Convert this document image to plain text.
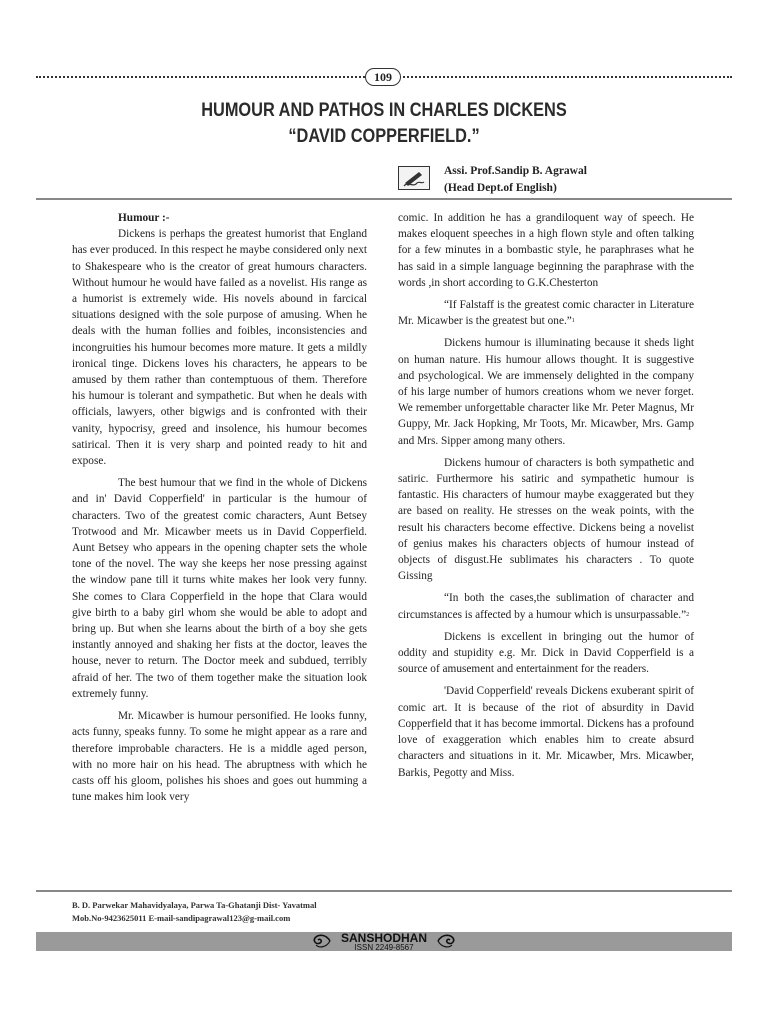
109
HUMOUR AND PATHOS IN CHARLES DICKENS
“DAVID COPPERFIELD.”
Assi. Prof.Sandip B. Agrawal
(Head Dept.of English)

Humour :-

Dickens is perhaps the greatest humorist that England has ever produced. In this respect he maybe considered only next to Shakespeare who is the creator of great humours characters. Without humour he would have failed as a novelist. His range as a humorist is extremely wide. His novels abound in farcical situations designed with the sole purpose of amusing. When he deals with the human follies and foibles, inconsistencies and incongruities his humour becomes more mature. It gets a mildly ironical tinge. Dickens loves his characters, he appears to be amused by them rather than contemptuous of them. Therefore his humour is tolerant and sympathetic. But when he deals with officials, lawyers, other bigwigs and is confronted with their vanity, hypocrisy, greed and insolence, his humour becomes satirical. Then it is very sharp and pointed ready to hit and expose.

The best humour that we find in the whole of Dickens and in' David Copperfield' in particular is the humour of characters. Two of the greatest comic characters, Aunt Betsey Trotwood and Mr. Micawber meets us in David Copperfield. Aunt Betsey who appears in the opening chapter sets the whole tone of the novel. The way she keeps her nose pressing against the window pane till it turns white makes her look very funny. She comes to Clara Copperfield in the hope that Clara would give birth to a baby girl whom she would be able to adopt and bring up. But when she learns about the birth of a boy she gets instantly annoyed and shaking her fists at the doctor, leaves the house, never to return. The Doctor meek and subdued, terribly afraid of her. The two of them together make the situation look extremely funny.

Mr. Micawber is humour personified. He looks funny, acts funny, speaks funny. To some he might appear as a rare and therefore improbable characters. He is a middle aged person, with no more hair on his head. The abruptness with which he casts off his gloom, polishes his shoes and goes out humming a tune makes him look very

comic. In addition he has a grandiloquent way of speech. He makes eloquent speeches in a high flown style and often talking for a few minutes in a bombastic style, he paraphrases what he has said in a simple language beginning the paraphrase with the words ,in short according to G.K.Chesterton

“If Falstaff is the greatest comic character in Literature Mr. Micawber is the greatest but one.”$^1$

Dickens humour is illuminating because it sheds light on human nature. His humour allows thought. It is suggestive and psychological. We are immensely delighted in the company of his large number of humors creations whom we never forget. We remember unforgettable character like Mr. Peter Magnus, Mr Guppy, Mr. Jack Hopking, Mr Toots, Mr. Micawber, Mrs. Gamp and Mrs. Sipper among many others.

Dickens humour of characters is both sympathetic and satiric. Furthermore his satiric and sympathetic humour is fantastic. His characters of humour maybe exaggerated but they are based on reality. He stresses on the weak points, with the result his characters become effective. Dickens being a novelist of genius makes his characters objects of humour instead of objects of disgust.He sublimates his characters . To quote Gissing

“In both the cases,the sublimation of character and circumstances is affected by a humour which is unsurpassable.”$^2$

Dickens is excellent in bringing out the humor of oddity and stupidity e.g. Mr. Dick in David Copperfield is a source of amusement and entertainment for the readers.

'David Copperfield' reveals Dickens exuberant spirit of comic art. It is because of the riot of absurdity in David Copperfield that it has become immortal. Dickens has a profound love of exaggeration which enables him to create absurd characters and situations in it. Mr. Micawber, Mrs. Micawber, Barkis, Pegotty and Miss.

B. D. Parwekar Mahavidyalaya, Parwa Ta-Ghatanji Dist- Yavatmal
Mob.No-9423625011 E-mail-sandipagrawal123@g-mail.com
SANSHODHAN
ISSN 2249-8567
